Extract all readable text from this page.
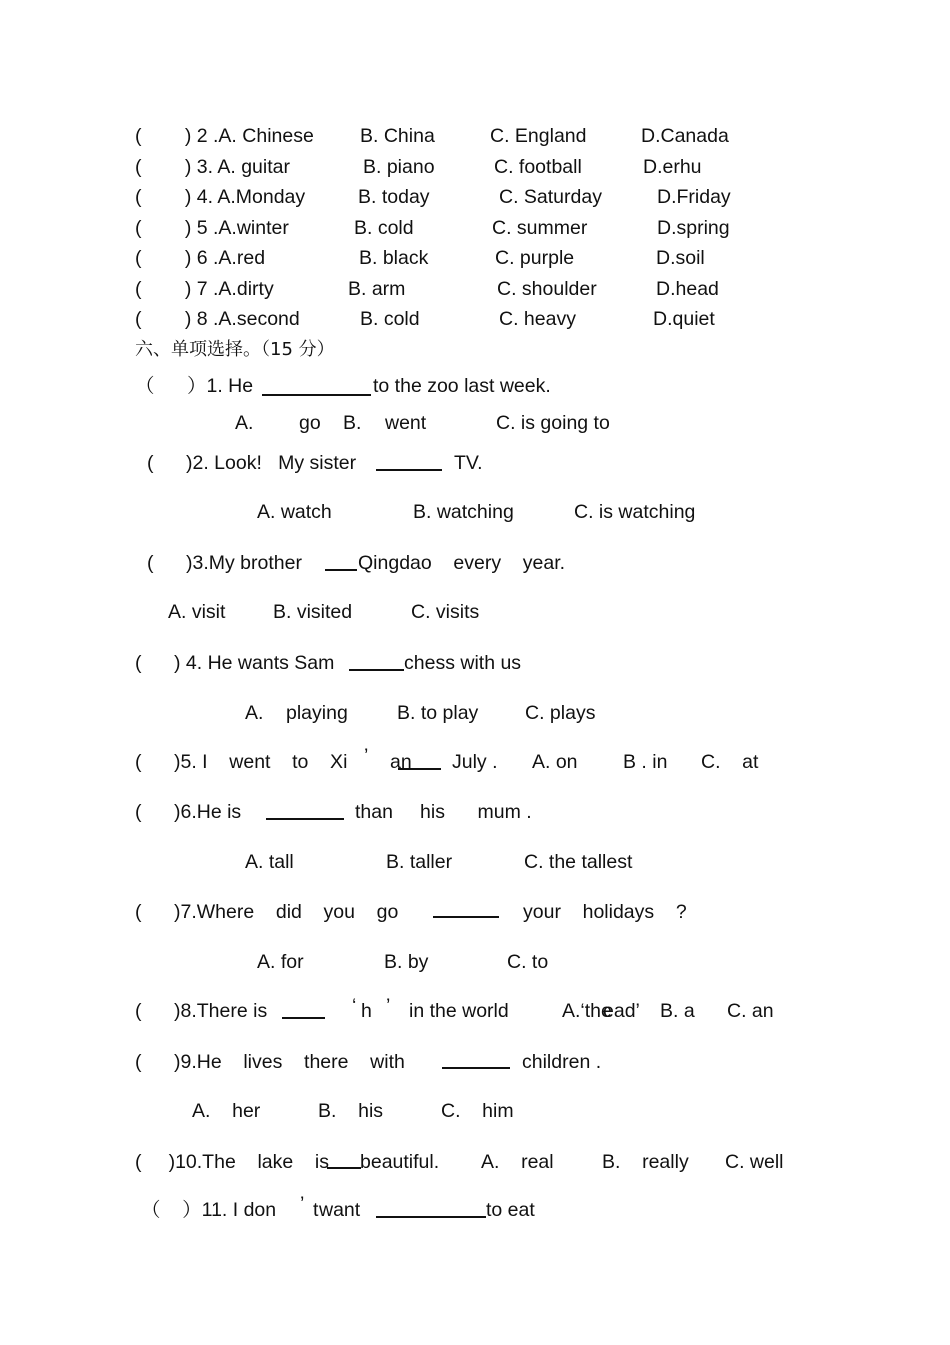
(        ) 2 .A. Chinese B. China	C. England	D.Canada
(        ) 3. A. guitar	B. piano	C. football	D.erhu
(        ) 4. A.Monday	B. today	C. Saturday	D.Friday
(        ) 5 .A.winter	B. cold	C. summer	D.spring
(        ) 6 .A.red	B. black	C. purple	D.soil
(        ) 7 .A.dirty	B. arm	C. shoulder	D.head
(        ) 8 .A.second	B. cold	C. heavy	D.quiet
六、单项选择。（15 分）
（      ）1. He	to the zoo last week.
A. go B. went	C. is going to
(      )2. Look!   My sister	TV.
A. watch	B. watching	C. is watching
(      )3.My brother	Qingdao    every    year.
A. visit B. visited	C. visits
(      ) 4. He wants Sam	chess with us
A. playing	B. to play C. plays
(      )5. I    went    to    Xi ’ an July . A. on B . in C.    at
(      )6.He is	than     his      mum .
A. tall	B. taller	C. the tallest
(      )7.Where    did    you    go	your    holidays    ?
A. for	B. by	C. to
(      )8.There is	‘ h ’ in the world	A.‘the
ead’ B. a C. an
(      )9.He    lives    there    with	children .
A.    her	B.    his	C.    him
(     )10.The    lake    is beautiful. A.    real B.    really C. well
（    ）11. I don ’ t want	to eat
